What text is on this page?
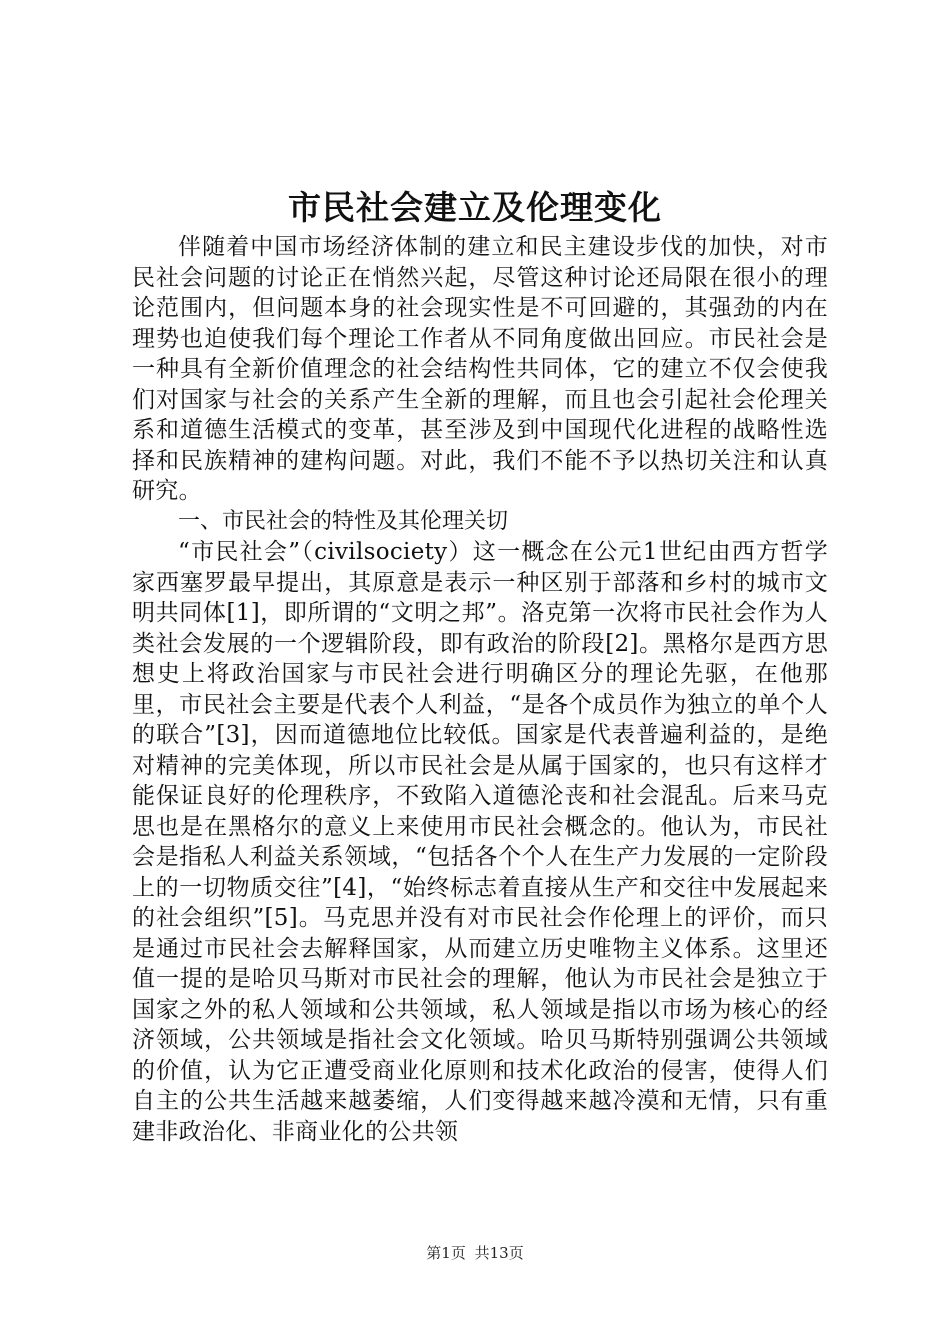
市民社会建立及伦理变化

伴随着中国市场经济体制的建立和民主建设步伐的加快，对市民社会问题的讨论正在悄然兴起，尽管这种讨论还局限在很小的理论范围内，但问题本身的社会现实性是不可回避的，其强劲的内在理势也迫使我们每个理论工作者从不同角度做出回应。市民社会是一种具有全新价值理念的社会结构性共同体，它的建立不仅会使我们对国家与社会的关系产生全新的理解，而且也会引起社会伦理关系和道德生活模式的变革，甚至涉及到中国现代化进程的战略性选择和民族精神的建构问题。对此，我们不能不予以热切关注和认真研究。

一、市民社会的特性及其伦理关切

“市民社会”（civilsociety）这一概念在公元1世纪由西方哲学家西塞罗最早提出，其原意是表示一种区别于部落和乡村的城市文明共同体[1]，即所谓的“文明之邦”。洛克第一次将市民社会作为人类社会发展的一个逻辑阶段，即有政治的阶段[2]。黑格尔是西方思想史上将政治国家与市民社会进行明确区分的理论先驱，在他那里，市民社会主要是代表个人利益，“是各个成员作为独立的单个人的联合”[3]，因而道德地位比较低。国家是代表普遍利益的，是绝对精神的完美体现，所以市民社会是从属于国家的，也只有这样才能保证良好的伦理秩序，不致陷入道德沦丧和社会混乱。后来马克思也是在黑格尔的意义上来使用市民社会概念的。他认为，市民社会是指私人利益关系领域，“包括各个个人在生产力发展的一定阶段上的一切物质交往”[4]，“始终标志着直接从生产和交往中发展起来的社会组织”[5]。马克思并没有对市民社会作伦理上的评价，而只是通过市民社会去解释国家，从而建立历史唯物主义体系。这里还值一提的是哈贝马斯对市民社会的理解，他认为市民社会是独立于国家之外的私人领域和公共领域，私人领域是指以市场为核心的经济领域，公共领域是指社会文化领域。哈贝马斯特别强调公共领域的价值，认为它正遭受商业化原则和技术化政治的侵害，使得人们自主的公共生活越来越萎缩，人们变得越来越冷漠和无情，只有重建非政治化、非商业化的公共领

第1页 共13页
